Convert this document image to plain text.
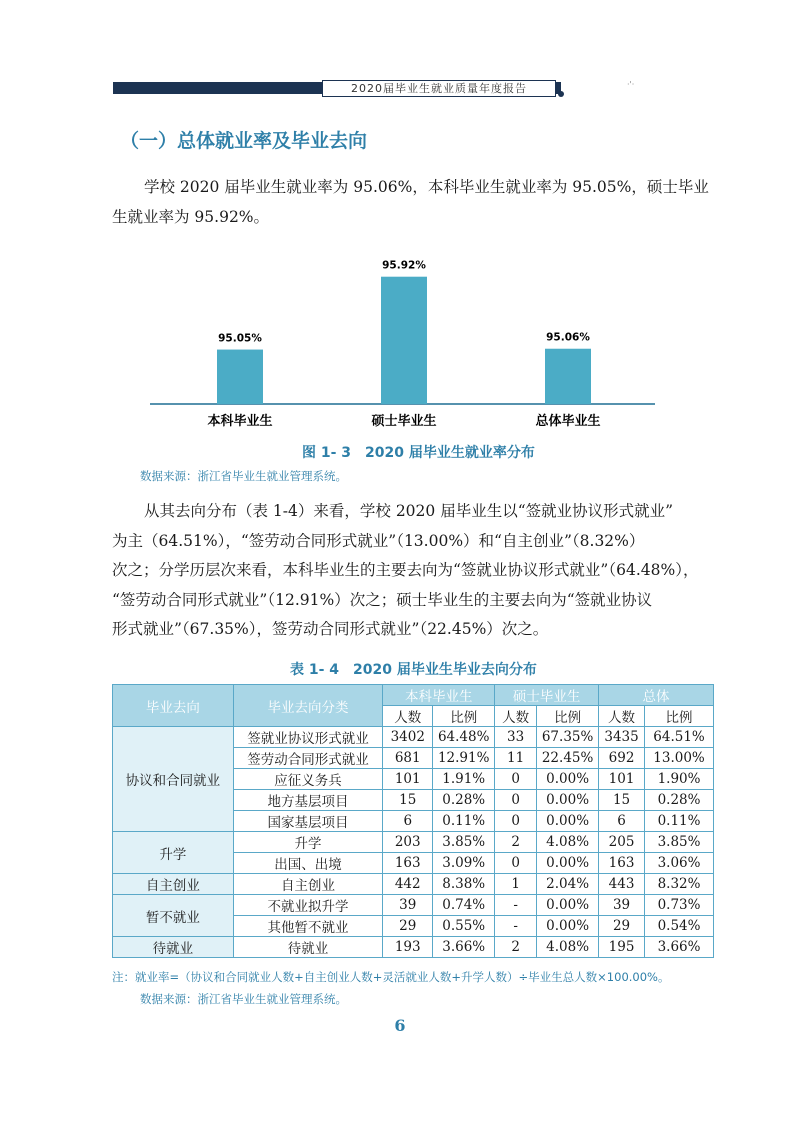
2020届毕业生就业质量年度报告	·'·
（一）总体就业率及毕业去向
学校 2020 届毕业生就业率为 95.06%，本科毕业生就业率为 95.05%，硕士毕业
生就业率为 95.92%。
95.05%
本科毕业生
95.92%
硕士毕业生
95.06%
总体毕业生
图 1- 3　2020 届毕业生就业率分布
数据来源：浙江省毕业生就业管理系统。
从其去向分布（表 1-4）来看，学校 2020 届毕业生以“签就业协议形式就业”
为主（64.51%），“签劳动合同形式就业”（13.00%）和“自主创业”（8.32%）
次之；分学历层次来看，本科毕业生的主要去向为“签就业协议形式就业”（64.48%），
“签劳动合同形式就业”（12.91%）次之；硕士毕业生的主要去向为“签就业协议
形式就业”（67.35%），签劳动合同形式就业”（22.45%）次之。
表 1- 4　2020 届毕业生毕业去向分布
毕业去向	毕业去向分类	本科毕业生		硕士毕业生		总体	
		人数	比例	人数	比例	人数	比例
协议和合同就业	签就业协议形式就业	3402	64.48%	33	67.35%	3435	64.51%
	签劳动合同形式就业	681	12.91%	11	22.45%	692	13.00%
	应征义务兵	101	1.91%	0	0.00%	101	1.90%
	地方基层项目	15	0.28%	0	0.00%	15	0.28%
	国家基层项目	6	0.11%	0	0.00%	6	0.11%
升学	升学	203	3.85%	2	4.08%	205	3.85%
	出国、出境	163	3.09%	0	0.00%	163	3.06%
自主创业	自主创业	442	8.38%	1	2.04%	443	8.32%
暂不就业	不就业拟升学	39	0.74%	-	0.00%	39	0.73%
	其他暂不就业	29	0.55%	-	0.00%	29	0.54%
待就业	待就业	193	3.66%	2	4.08%	195	3.66%
注：就业率=（协议和合同就业人数+自主创业人数+灵活就业人数+升学人数）÷毕业生总人数×100.00%。
数据来源：浙江省毕业生就业管理系统。
6
